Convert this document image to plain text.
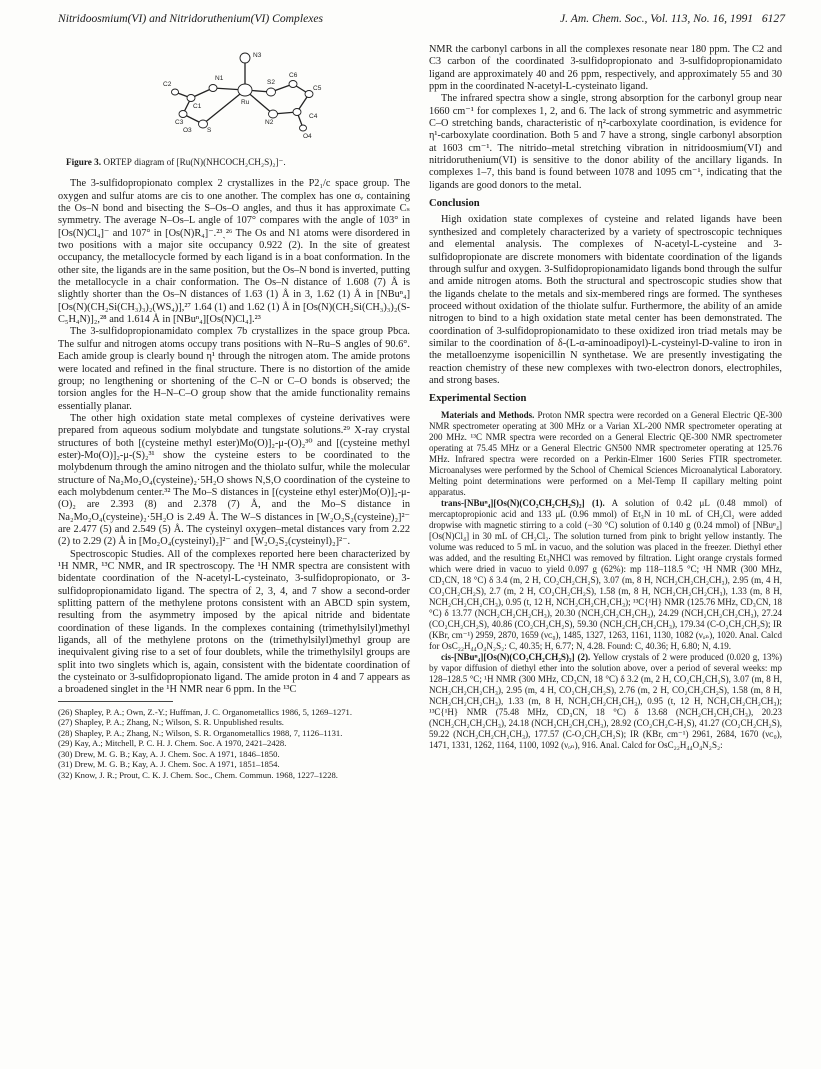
Nitridoosmium(VI) and Nitridoruthenium(VI) Complexes	J. Am. Chem. Soc., Vol. 113, No. 16, 1991 6127
N3
C2
N1
S2
C6
C3
C5
S
C4
N2
O4
C1
O3
Ru

Figure 3. ORTEP diagram of [Ru(N)(NHCOCH₂CH₂S)₂]⁻.

The 3-sulfidopropionato complex 2 crystallizes in the P2₁/c space group. The oxygen and sulfur atoms are cis to one another. The complex has one σᵥ containing the Os–N bond and bisecting the S–Os–O angles, and thus it has approximate Cₛ symmetry. The average N–Os–L angle of 107° compares with the angle of 103° in [Os(N)Cl₄]⁻ and 107° in [Os(N)R₄]⁻.²³ˏ²⁶ The Os and N1 atoms were disordered in two positions with a major site occupancy 0.922 (2). In the site of greatest occupancy, the metallocycle formed by each ligand is in a boat conformation. In the other site, the ligands are in the same position, but the Os–N bond is inverted, putting the metallocycle in a chair conformation. The Os–N distance of 1.608 (7) Å is slightly shorter than the Os–N distances of 1.63 (1) Å in 3, 1.62 (1) Å in [NBuⁿ₄][Os(N)(CH₂Si(CH₃)₃)₂(WS₄)],²⁷ 1.64 (1) and 1.62 (1) Å in [Os(N)(CH₂Si(CH₃)₃)₂(S-C₅H₄N)]₂,²⁸ and 1.614 Å in [NBuⁿ₄][Os(N)Cl₄].²³

The 3-sulfidopropionamidato complex 7b crystallizes in the space group Pbca. The sulfur and nitrogen atoms occupy trans positions with N–Ru–S angles of 90.6°. Each amide group is clearly bound η¹ through the nitrogen atom. The amide protons were located and refined in the final structure. There is no distortion of the amide group; no lengthening or shortening of the C–N or C–O bonds is observed; the torsion angles for the H–N–C–O group show that the amide functionality remains essentially planar.

The other high oxidation state metal complexes of cysteine derivatives were prepared from aqueous sodium molybdate and tungstate solutions.²⁹ X-ray crystal structures of both [(cysteine methyl ester)Mo(O)]₂-μ-(O)₂³⁰ and [(cysteine methyl ester)-Mo(O)]₂-μ-(S)₂³¹ show the cysteine esters to be coordinated to the molybdenum through the amino nitrogen and the thiolato sulfur, while the molecular structure of Na₂Mo₂O₄(cysteine)₂·5H₂O shows N,S,O coordination of the cysteine to each molybdenum center.³² The Mo–S distances in [(cysteine ethyl ester)Mo(O)]₂-μ-(O)₂ are 2.393 (8) and 2.378 (7) Å, and the Mo–S distance in Na₂Mo₂O₄(cysteine)₂·5H₂O is 2.49 Å. The W–S distances in [W₂O₂S₂(cysteine)₂]²⁻ are 2.477 (5) and 2.549 (5) Å. The cysteinyl oxygen–metal distances vary from 2.22 (2) to 2.29 (2) Å in [Mo₂O₄(cysteinyl)₂]²⁻ and [W₂O₂S₂(cysteinyl)₂]²⁻.

Spectroscopic Studies. All of the complexes reported here been characterized by ¹H NMR, ¹³C NMR, and IR spectroscopy. The ¹H NMR spectra are consistent with bidentate coordination of the N-acetyl-L-cysteinato, 3-sulfidopropionato, or 3-sulfidopropionamidato ligand. The spectra of 2, 3, 4, and 7 show a second-order splitting pattern of the methylene protons consistent with an ABCD spin system, resulting from the asymmetry imposed by the apical nitride and bidentate coordination of these ligands. In the complexes containing (trimethylsilyl)methyl ligands, all of the methylene protons on the (trimethylsilyl)methyl group are inequivalent giving rise to a set of four doublets, while the trimethylsilyl groups are split into two singlets which is, again, consistent with the bidentate coordination of the cysteinato or 3-sulfidopropionato ligand. The amide proton in 4 and 7 appears as a broadened singlet in the ¹H NMR near 6 ppm. In the ¹³C

(26) Shapley, P. A.; Own, Z.-Y.; Huffman, J. C. Organometallics 1986, 5, 1269–1271.
(27) Shapley, P. A.; Zhang, N.; Wilson, S. R. Unpublished results.
(28) Shapley, P. A.; Zhang, N.; Wilson, S. R. Organometallics 1988, 7, 1126–1131.
(29) Kay, A.; Mitchell, P. C. H. J. Chem. Soc. A 1970, 2421–2428.
(30) Drew, M. G. B.; Kay, A. J. Chem. Soc. A 1971, 1846–1850.
(31) Drew, M. G. B.; Kay, A. J. Chem. Soc. A 1971, 1851–1854.
(32) Know, J. R.; Prout, C. K. J. Chem. Soc., Chem. Commun. 1968, 1227–1228.

NMR the carbonyl carbons in all the complexes resonate near 180 ppm. The C2 and C3 carbon of the coordinated 3-sulfidopropionato and 3-sulfidopropionamidato ligand are approximately 40 and 26 ppm, respectively, and approximately 55 and 30 ppm in the coordinated N-acetyl-L-cysteinato ligand.

The infrared spectra show a single, strong absorption for the carbonyl group near 1660 cm⁻¹ for complexes 1, 2, and 6. The lack of strong symmetric and asymmetric C–O stretching bands, characteristic of η²-carboxylate coordination, is evidence for η¹-carboxylate coordination. Both 5 and 7 have a strong, single carbonyl absorption at 1603 cm⁻¹. The nitrido–metal stretching vibration in nitridoosmium(VI) and nitridoruthenium(VI) is sensitive to the donor ability of the ancillary ligands. In complexes 1–7, this band is found between 1078 and 1095 cm⁻¹, indicating that the ligands are good donors to the metal.

Conclusion

High oxidation state complexes of cysteine and related ligands have been synthesized and completely characterized by a variety of spectroscopic techniques and elemental analysis. The complexes of N-acetyl-L-cysteine and 3-sulfidopropionate are discrete monomers with bidentate coordination of the ligands through sulfur and oxygen. 3-Sulfidopropionamidato ligands bond through the sulfur and amide nitrogen atoms. Both the structural and spectroscopic studies show that the ligands chelate to the metals and six-membered rings are formed. The syntheses proceed without oxidation of the thiolate sulfur. Furthermore, the ability of an amide nitrogen to bind to a high oxidation state metal center has been demonstrated. The coordination of 3-sulfidopropionamidato to these oxidized iron triad metals may be similar to the coordination of δ-(L-α-aminoadipoyl)-L-cysteinyl-D-valine to iron in the metalloenzyme isopenicillin N synthetase. We are presently investigating the reaction chemistry of these new complexes with two-electron donors, electrophiles, and strong bases.

Experimental Section

Materials and Methods. Proton NMR spectra were recorded on a General Electric QE-300 NMR spectrometer operating at 300 MHz or a Varian XL-200 NMR spectrometer operating at 200 MHz. ¹³C NMR spectra were recorded on a General Electric QE-300 NMR spectrometer operating at 75.45 MHz or a General Electric GN500 NMR spectrometer operating at 125.76 MHz. Infrared spectra were recorded on a Perkin-Elmer 1600 Series FTIR spectrometer. Microanalyses were performed by the School of Chemical Sciences Microanalytical Laboratory. Melting point determinations were performed on a Mel-Temp II capillary melting point apparatus.

trans-[NBuⁿ₄][Os(N)(CO₂CH₂CH₂S)₂] (1). A solution of 0.42 μL (0.48 mmol) of mercaptopropionic acid and 133 μL (0.96 mmol) of Et₃N in 10 mL of CH₂Cl₂ were added dropwise with magnetic stirring to a cold (−30 °C) solution of 0.140 g (0.24 mmol) of [NBuⁿ₄][Os(N)Cl₄] in 30 mL of CH₂Cl₂. The solution turned from pink to bright yellow instantly. The volume was reduced to 5 mL in vacuo, and the solution was placed in the freezer. Diethyl ether was added, and the resulting Et₃NHCl was removed by filtration. Light orange crystals formed which were dried in vacuo to yield 0.097 g (62%): mp 118–118.5 °C; ¹H NMR (300 MHz, CD₃CN, 18 °C) δ 3.4 (m, 2 H, CO₂CH₂CH₂S), 3.07 (m, 8 H, NCH₂CH₂CH₂CH₃), 2.95 (m, 4 H, CO₂CH₂CH₂S), 2.7 (m, 2 H, CO₂CH₂CH₂S), 1.58 (m, 8 H, NCH₂CH₂CH₂CH₃), 1.33 (m, 8 H, NCH₂CH₂CH₂CH₃), 0.95 (t, 12 H, NCH₂CH₂CH₂CH₃); ¹³C{¹H} NMR (125.76 MHz, CD₃CN, 18 °C) δ 13.77 (NCH₂CH₂CH₂CH₃), 20.30 (NCH₂CH₂CH₂CH₃), 24.29 (NCH₂CH₂CH₂CH₃), 27.24 (CO₂CH₂CH₂S), 40.86 (CO₂CH₂CH₂S), 59.30 (NCH₂CH₂CH₂CH₃), 179.34 (C-O₂CH₂CH₂S); IR (KBr, cm⁻¹) 2959, 2870, 1659 (νᴄ₀), 1485, 1327, 1263, 1161, 1130, 1082 (νₒₙ), 1020. Anal. Calcd for OsC₂₂H₄₄O₄N₂S₂: C, 40.35; H, 6.77; N, 4.28. Found: C, 40.36; H, 6.80; N, 4.19.

cis-[NBuⁿ₄][Os(N)(CO₂CH₂CH₂S)₂] (2). Yellow crystals of 2 were produced (0.020 g, 13%) by vapor diffusion of diethyl ether into the solution above, over a period of several weeks: mp 128–128.5 °C; ¹H NMR (300 MHz, CD₃CN, 18 °C) δ 3.2 (m, 2 H, CO₂CH₂CH₂S), 3.07 (m, 8 H, NCH₂CH₂CH₂CH₃), 2.95 (m, 4 H, CO₂CH₂CH₂S), 2.76 (m, 2 H, CO₂CH₂CH₂S), 1.58 (m, 8 H, NCH₂CH₂CH₂CH₃), 1.33 (m, 8 H, NCH₂CH₂CH₂CH₃), 0.95 (t, 12 H, NCH₂CH₂CH₂CH₃); ¹³C{¹H} NMR (75.48 MHz, CD₃CN, 18 °C) δ 13.68 (NCH₂CH₂CH₂CH₃), 20.23 (NCH₂CH₂CH₂CH₃), 24.18 (NCH₂CH₂CH₂CH₃), 28.92 (CO₂CH₂C-H₂S), 41.27 (CO₂CH₂CH₂S), 59.22 (NCH₂CH₂CH₂CH₃), 177.57 (C-O₂CH₂CH₂S); IR (KBr, cm⁻¹) 2961, 2684, 1670 (νᴄ₀), 1471, 1331, 1262, 1164, 1100, 1092 (νₒₙ), 916. Anal. Calcd for OsC₂₂H₄₄O₄N₂S₂:
